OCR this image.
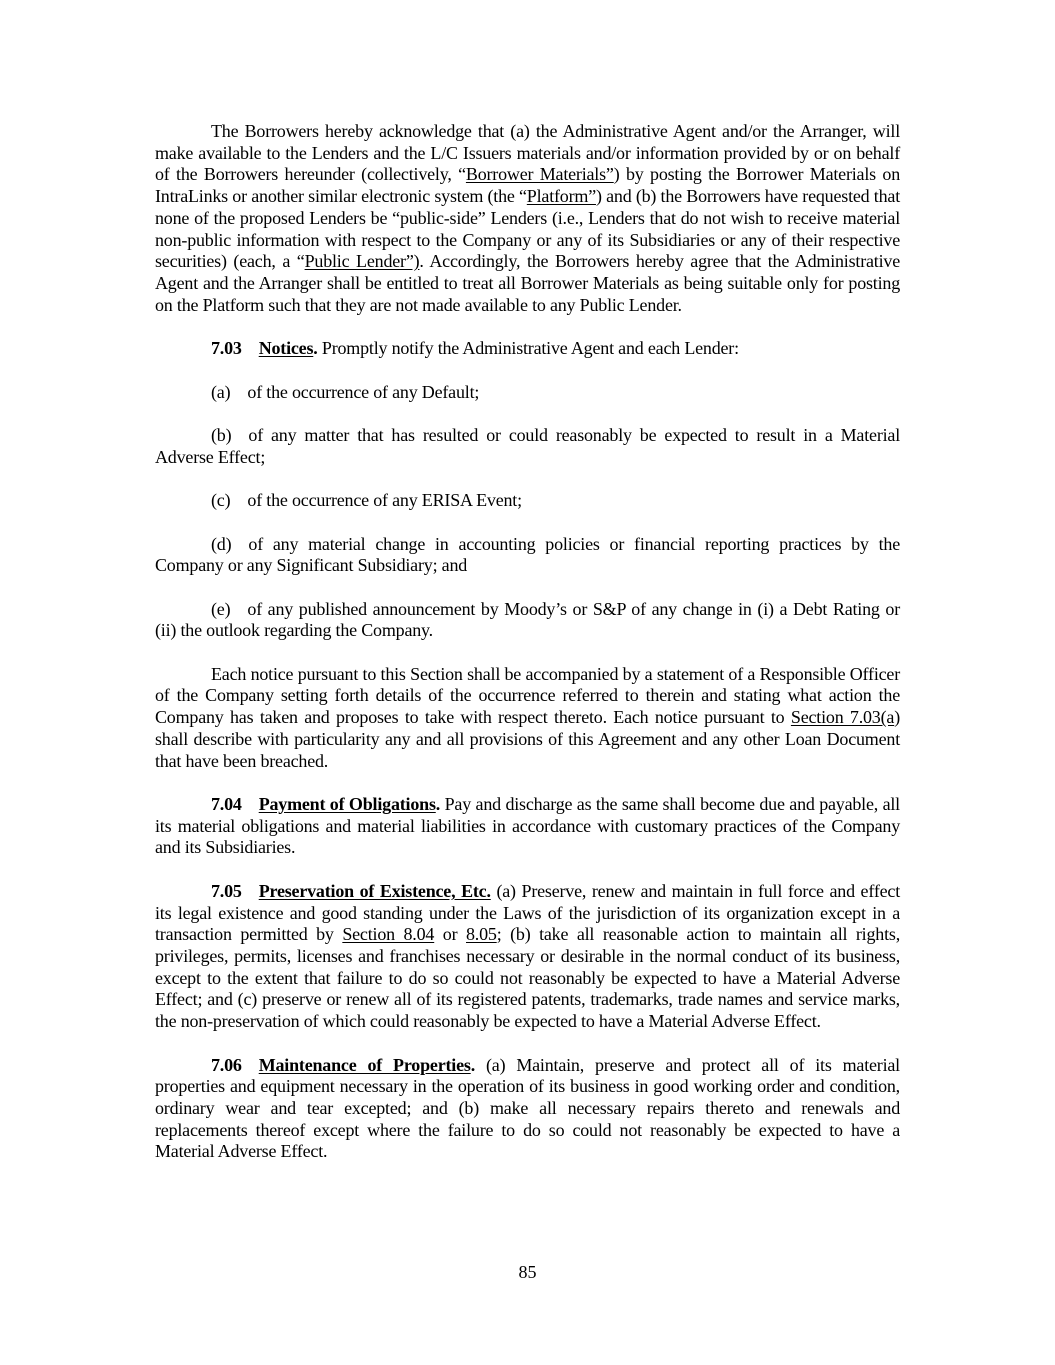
The Borrowers hereby acknowledge that (a) the Administrative Agent and/or the Arranger, will make available to the Lenders and the L/C Issuers materials and/or information provided by or on behalf of the Borrowers hereunder (collectively, “Borrower Materials”) by posting the Borrower Materials on IntraLinks or another similar electronic system (the “Platform”) and (b) the Borrowers have requested that none of the proposed Lenders be “public-side” Lenders (i.e., Lenders that do not wish to receive material non-public information with respect to the Company or any of its Subsidiaries or any of their respective securities) (each, a “Public Lender”). Accordingly, the Borrowers hereby agree that the Administrative Agent and the Arranger shall be entitled to treat all Borrower Materials as being suitable only for posting on the Platform such that they are not made available to any Public Lender.

7.03 Notices. Promptly notify the Administrative Agent and each Lender:

(a) of the occurrence of any Default;

(b) of any matter that has resulted or could reasonably be expected to result in a Material Adverse Effect;

(c) of the occurrence of any ERISA Event;

(d) of any material change in accounting policies or financial reporting practices by the Company or any Significant Subsidiary; and

(e) of any published announcement by Moody’s or S&P of any change in (i) a Debt Rating or (ii) the outlook regarding the Company.

Each notice pursuant to this Section shall be accompanied by a statement of a Responsible Officer of the Company setting forth details of the occurrence referred to therein and stating what action the Company has taken and proposes to take with respect thereto. Each notice pursuant to Section 7.03(a) shall describe with particularity any and all provisions of this Agreement and any other Loan Document that have been breached.

7.04 Payment of Obligations. Pay and discharge as the same shall become due and payable, all its material obligations and material liabilities in accordance with customary practices of the Company and its Subsidiaries.

7.05 Preservation of Existence, Etc. (a) Preserve, renew and maintain in full force and effect its legal existence and good standing under the Laws of the jurisdiction of its organization except in a transaction permitted by Section 8.04 or 8.05; (b) take all reasonable action to maintain all rights, privileges, permits, licenses and franchises necessary or desirable in the normal conduct of its business, except to the extent that failure to do so could not reasonably be expected to have a Material Adverse Effect; and (c) preserve or renew all of its registered patents, trademarks, trade names and service marks, the non-preservation of which could reasonably be expected to have a Material Adverse Effect.

7.06 Maintenance of Properties. (a) Maintain, preserve and protect all of its material properties and equipment necessary in the operation of its business in good working order and condition, ordinary wear and tear excepted; and (b) make all necessary repairs thereto and renewals and replacements thereof except where the failure to do so could not reasonably be expected to have a Material Adverse Effect.

85
